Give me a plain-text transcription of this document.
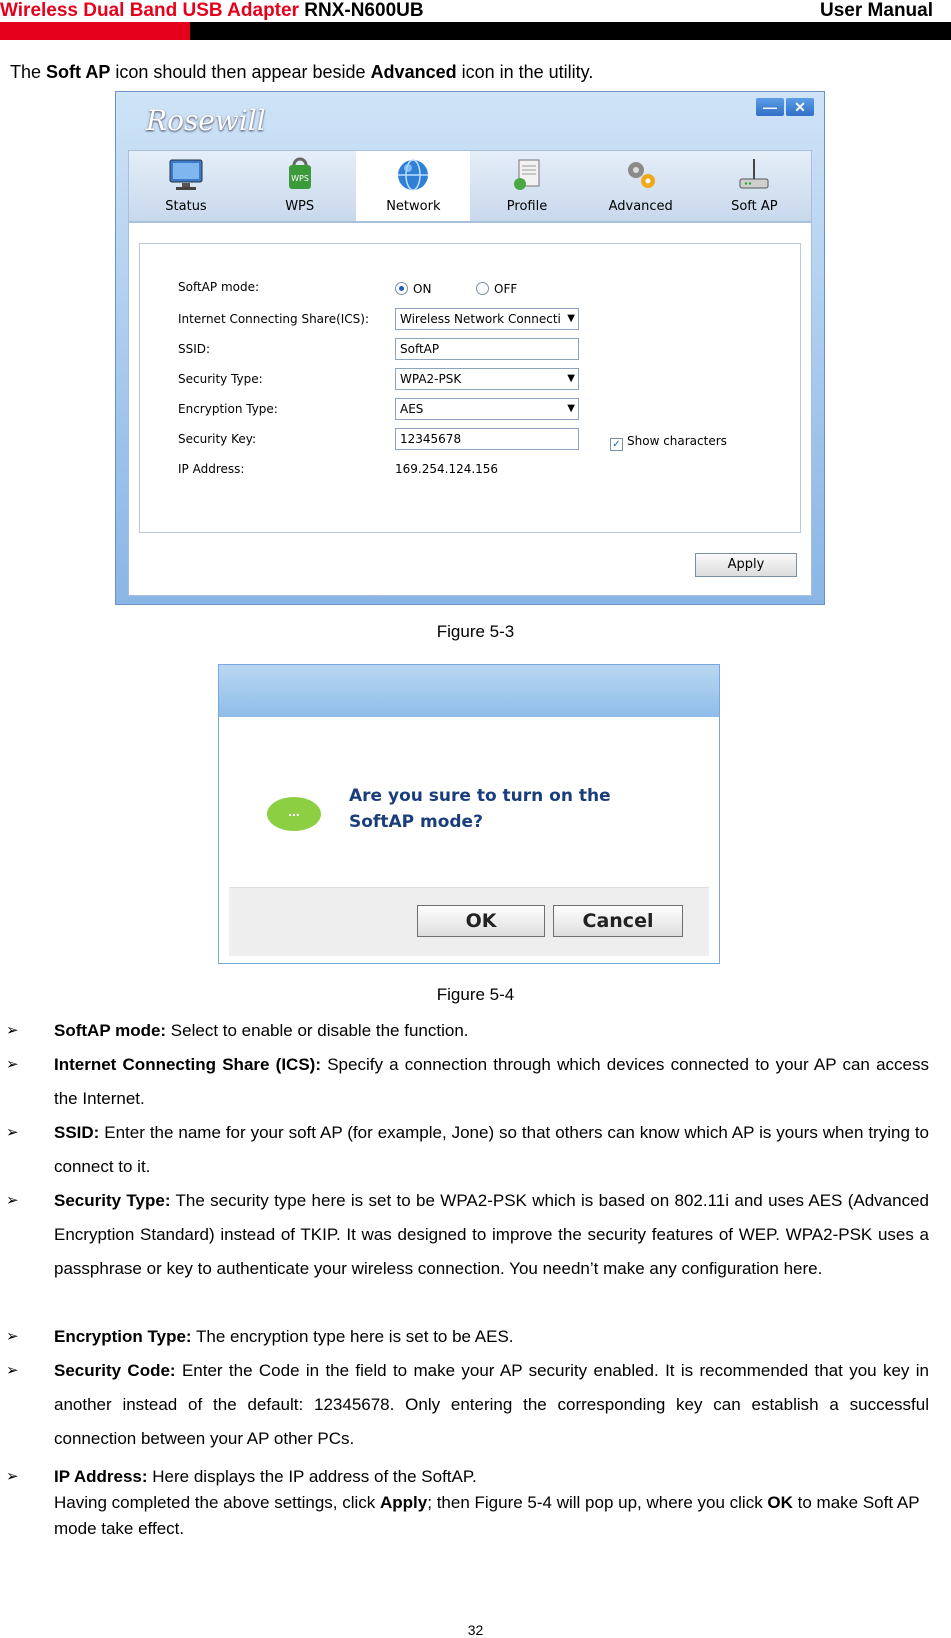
Wireless Dual Band USB Adapter RNX-N600UB	User Manual
The Soft AP icon should then appear beside Advanced icon in the utility.
Rosewill	—	✕
Status
WPS
WPS	Network	Profile	Advanced	Soft AP
SoftAP mode:	ON	OFF
Internet Connecting Share(ICS):	Wireless Network Connecti ▼
SSID:	SoftAP
Security Type:	WPA2-PSK	▼
Encryption Type:	AES	▼
Security Key:	12345678	✓ Show characters
IP Address:	169.254.124.156
Apply
Figure 5-3
...
Are you sure to turn on the SoftAP mode?
OK	Cancel
Figure 5-4
➢ SoftAP mode: Select to enable or disable the function.
➢ Internet Connecting Share (ICS): Specify a connection through which devices connected to your AP can access the Internet.
➢ SSID: Enter the name for your soft AP (for example, Jone) so that others can know which AP is yours when trying to connect to it.
➢ Security Type: The security type here is set to be WPA2-PSK which is based on 802.11i and uses AES (Advanced Encryption Standard) instead of TKIP. It was designed to improve the security features of WEP. WPA2-PSK uses a passphrase or key to authenticate your wireless connection. You needn’t make any configuration here.
➢ Encryption Type: The encryption type here is set to be AES.
➢ Security Code: Enter the Code in the field to make your AP security enabled. It is recommended that you key in another instead of the default: 12345678. Only entering the corresponding key can establish a successful connection between your AP other PCs.
➢ IP Address: Here displays the IP address of the SoftAP.
Having completed the above settings, click Apply; then Figure 5-4 will pop up, where you click OK to make Soft AP mode take effect.
32
